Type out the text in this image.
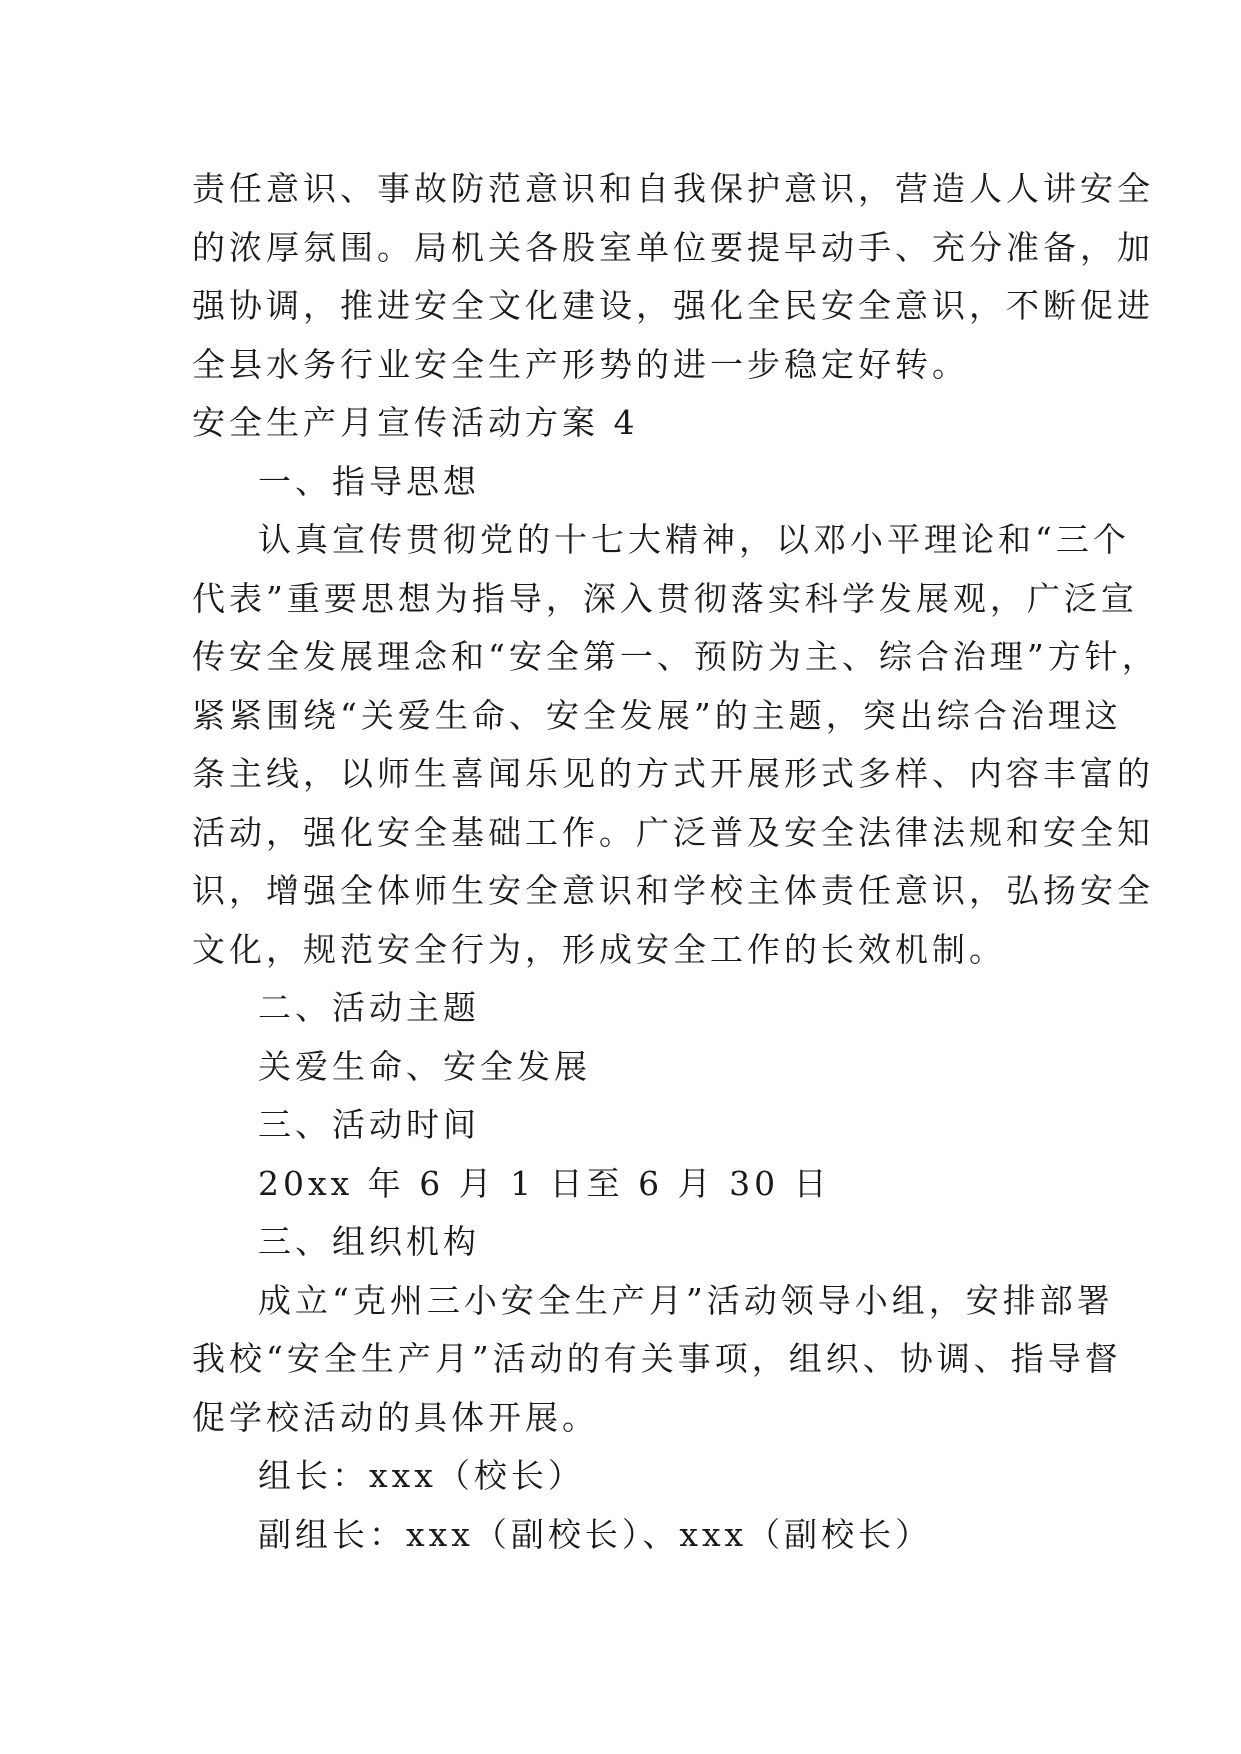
责任意识、事故防范意识和自我保护意识，营造人人讲安全
的浓厚氛围。局机关各股室单位要提早动手、充分准备，加
强协调，推进安全文化建设，强化全民安全意识，不断促进
全县水务行业安全生产形势的进一步稳定好转。
安全生产月宣传活动方案 4
一、指导思想
认真宣传贯彻党的十七大精神，以邓小平理论和“三个
代表”重要思想为指导，深入贯彻落实科学发展观，广泛宣
传安全发展理念和“安全第一、预防为主、综合治理”方针，
紧紧围绕“关爱生命、安全发展”的主题，突出综合治理这
条主线，以师生喜闻乐见的方式开展形式多样、内容丰富的
活动，强化安全基础工作。广泛普及安全法律法规和安全知
识，增强全体师生安全意识和学校主体责任意识，弘扬安全
文化，规范安全行为，形成安全工作的长效机制。
二、活动主题
关爱生命、安全发展
三、活动时间
20xx 年 6 月 1 日至 6 月 30 日
三、组织机构
成立“克州三小安全生产月”活动领导小组，安排部署
我校“安全生产月”活动的有关事项，组织、协调、指导督
促学校活动的具体开展。
组长：xxx（校长）
副组长：xxx（副校长）、xxx（副校长）
